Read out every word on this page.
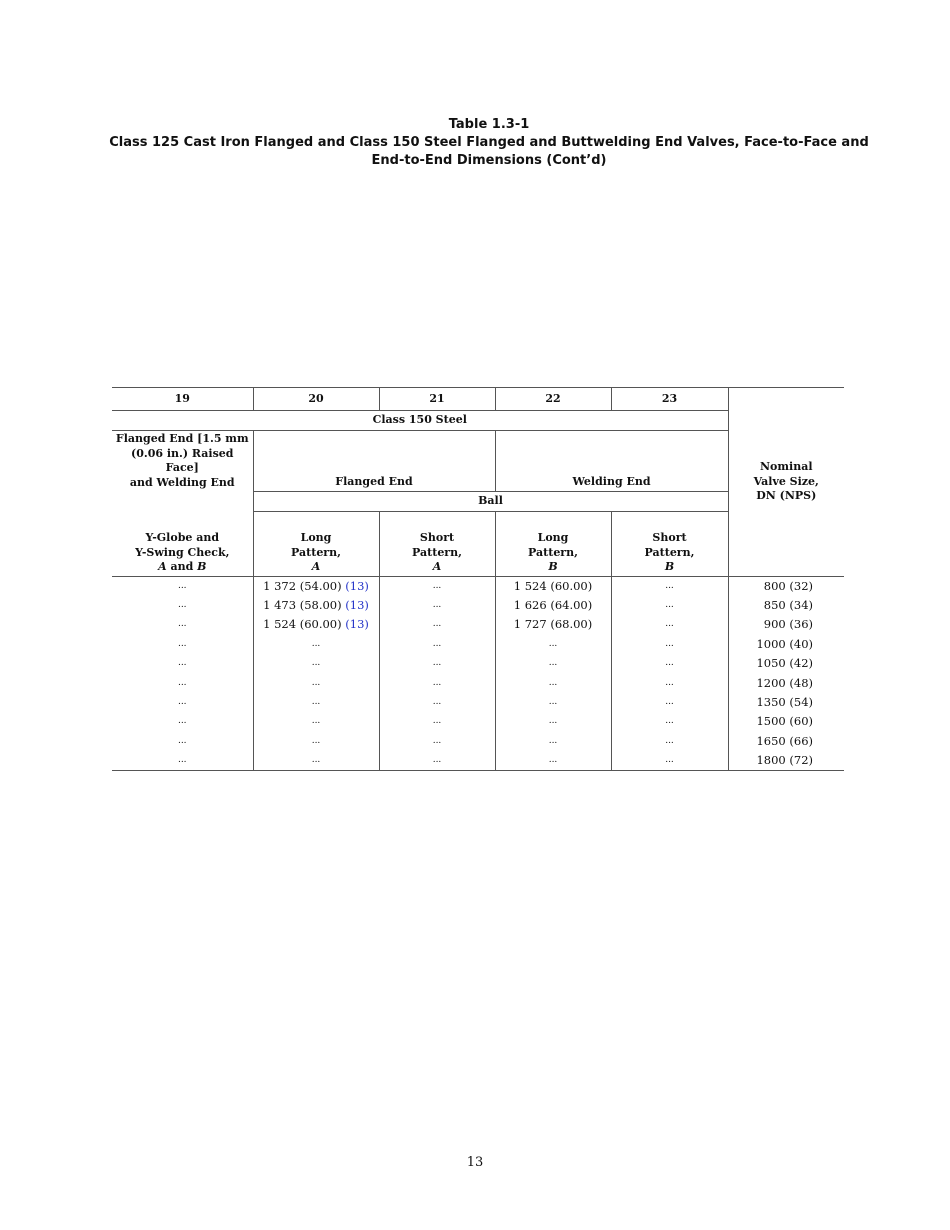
Table 1.3-1
Class 125 Cast Iron Flanged and Class 150 Steel Flanged and Buttwelding End Valves, Face-to-Face and End-to-End Dimensions (Cont’d)
19	20	21	22	23	Nominal
Valve Size,
DN (NPS)
Class 150 Steel					
Flanged End [1.5 mm
(0.06 in.) Raised Face]
and Welding End	Flanged End		Welding End		
	Ball				
Y-Globe and
Y-Swing Check,
A and B	Long
Pattern,
A	Short
Pattern,
A	Long
Pattern,
B	Short
Pattern,
B	
...	1 372 (54.00) (13)	...	1 524 (60.00)	...	800 (32)
...	1 473 (58.00) (13)	...	1 626 (64.00)	...	850 (34)
...	1 524 (60.00) (13)	...	1 727 (68.00)	...	900 (36)
...	...	...	...	...	1000 (40)
...	...	...	...	...	1050 (42)
...	...	...	...	...	1200 (48)
...	...	...	...	...	1350 (54)
...	...	...	...	...	1500 (60)
...	...	...	...	...	1650 (66)
...	...	...	...	...	1800 (72)
13
